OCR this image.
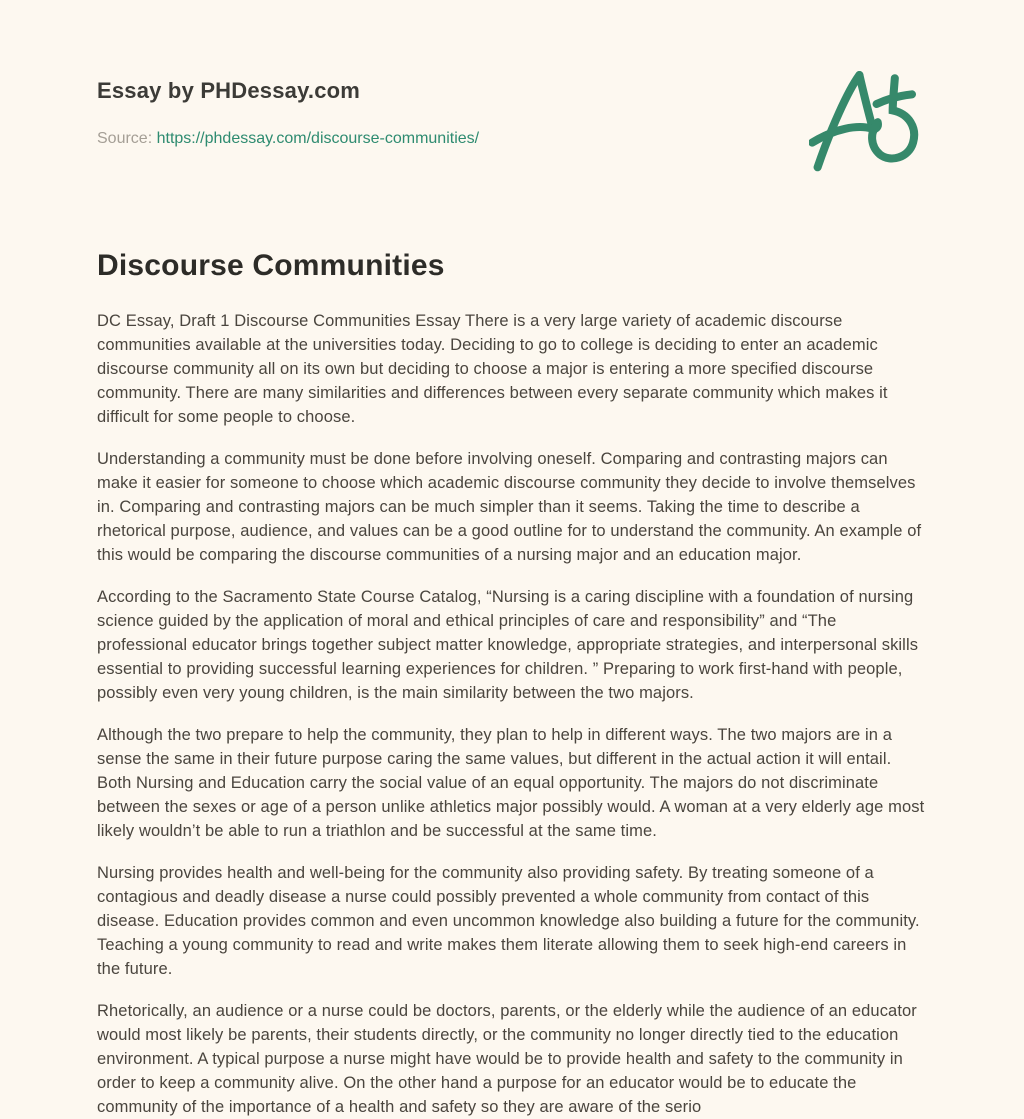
Essay by PHDessay.com
Source: https://phdessay.com/discourse-communities/
Discourse Communities

DC Essay, Draft 1 Discourse Communities Essay There is a very large variety of academic discourse communities available at the universities today. Deciding to go to college is deciding to enter an academic discourse community all on its own but deciding to choose a major is entering a more specified discourse community. There are many similarities and differences between every separate community which makes it difficult for some people to choose.

Understanding a community must be done before involving oneself. Comparing and contrasting majors can make it easier for someone to choose which academic discourse community they decide to involve themselves in. Comparing and contrasting majors can be much simpler than it seems. Taking the time to describe a rhetorical purpose, audience, and values can be a good outline for to understand the community. An example of this would be comparing the discourse communities of a nursing major and an education major.

According to the Sacramento State Course Catalog, “Nursing is a caring discipline with a foundation of nursing science guided by the application of moral and ethical principles of care and responsibility” and “The professional educator brings together subject matter knowledge, appropriate strategies, and interpersonal skills essential to providing successful learning experiences for children. ” Preparing to work first-hand with people, possibly even very young children, is the main similarity between the two majors.

Although the two prepare to help the community, they plan to help in different ways. The two majors are in a sense the same in their future purpose caring the same values, but different in the actual action it will entail. Both Nursing and Education carry the social value of an equal opportunity. The majors do not discriminate between the sexes or age of a person unlike athletics major possibly would. A woman at a very elderly age most likely wouldn’t be able to run a triathlon and be successful at the same time.

Nursing provides health and well-being for the community also providing safety. By treating someone of a contagious and deadly disease a nurse could possibly prevented a whole community from contact of this disease. Education provides common and even uncommon knowledge also building a future for the community. Teaching a young community to read and write makes them literate allowing them to seek high-end careers in the future.

Rhetorically, an audience or a nurse could be doctors, parents, or the elderly while the audience of an educator would most likely be parents, their students directly, or the community no longer directly tied to the education environment. A typical purpose a nurse might have would be to provide health and safety to the community in order to keep a community alive. On the other hand a purpose for an educator would be to educate the community of the importance of a health and safety so they are aware of the serio
